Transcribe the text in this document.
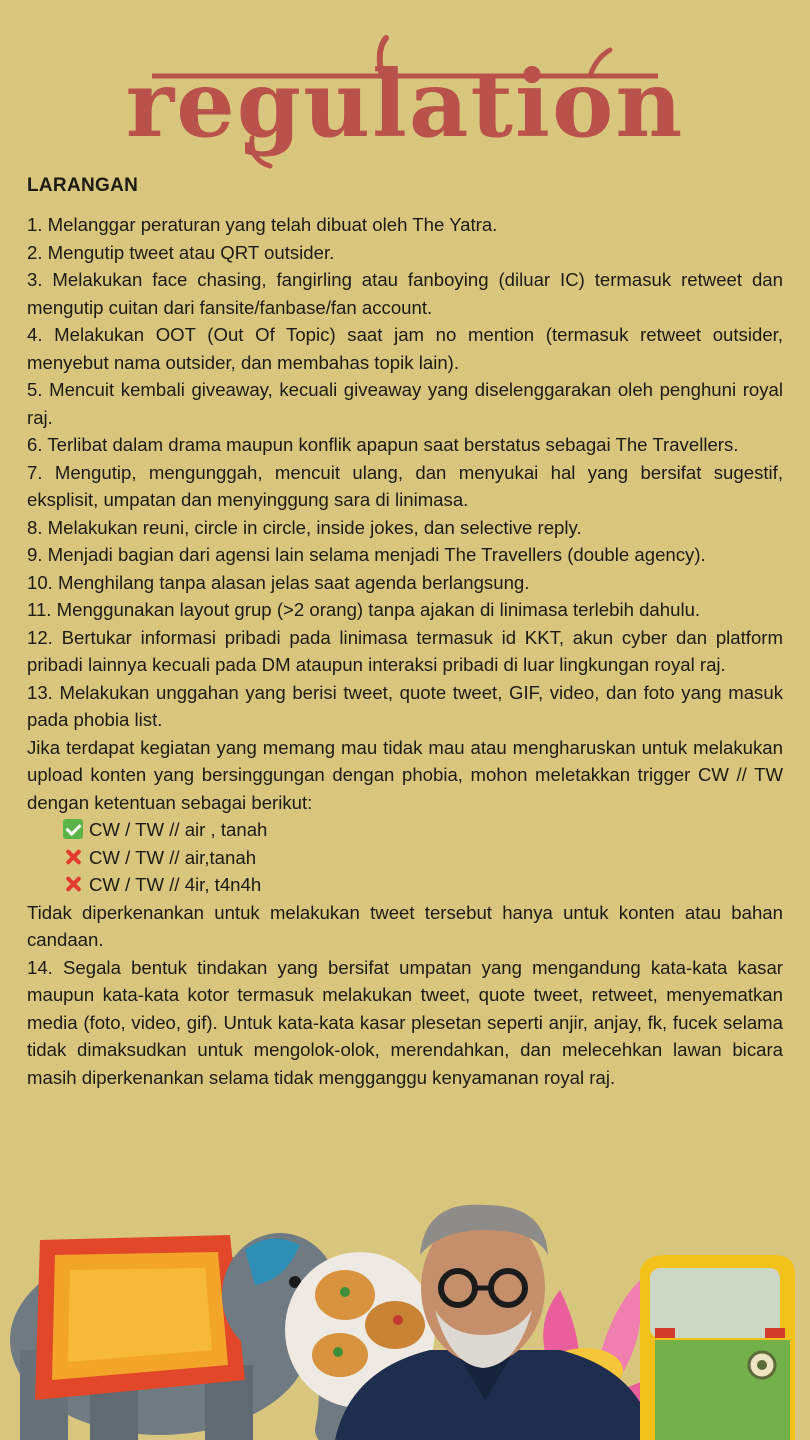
regulation
LARANGAN

1. Melanggar peraturan yang telah dibuat oleh The Yatra.

2. Mengutip tweet atau QRT outsider.

3. Melakukan face chasing, fangirling atau fanboying (diluar IC) termasuk retweet dan mengutip cuitan dari fansite/fanbase/fan account.

4. Melakukan OOT (Out Of Topic) saat jam no mention (termasuk retweet outsider, menyebut nama outsider, dan membahas topik lain).

5. Mencuit kembali giveaway, kecuali giveaway yang diselenggarakan oleh penghuni royal raj.

6. Terlibat dalam drama maupun konflik apapun saat berstatus sebagai The Travellers.

7. Mengutip, mengunggah, mencuit ulang, dan menyukai hal yang bersifat sugestif, eksplisit, umpatan dan menyinggung sara di linimasa.

8. Melakukan reuni, circle in circle, inside jokes, dan selective reply.

9. Menjadi bagian dari agensi lain selama menjadi The Travellers (double agency).

10. Menghilang tanpa alasan jelas saat agenda berlangsung.

11. Menggunakan layout grup (>2 orang) tanpa ajakan di linimasa terlebih dahulu.

12. Bertukar informasi pribadi pada linimasa termasuk id KKT, akun cyber dan platform pribadi lainnya kecuali pada DM ataupun interaksi pribadi di luar lingkungan royal raj.

13. Melakukan unggahan yang berisi tweet, quote tweet, GIF, video, dan foto yang masuk pada phobia list.

Jika terdapat kegiatan yang memang mau tidak mau atau mengharuskan untuk melakukan upload konten yang bersinggungan dengan phobia, mohon meletakkan trigger CW // TW dengan ketentuan sebagai berikut:

CW / TW // air , tanah

CW / TW // air,tanah

CW / TW // 4ir, t4n4h

Tidak diperkenankan untuk melakukan tweet tersebut hanya untuk konten atau bahan candaan.

14. Segala bentuk tindakan yang bersifat umpatan yang mengandung kata-kata kasar maupun kata-kata kotor termasuk melakukan tweet, quote tweet, retweet, menyematkan media (foto, video, gif). Untuk kata-kata kasar plesetan seperti anjir, anjay, fk, fucek selama tidak dimaksudkan untuk mengolok-olok, merendahkan, dan melecehkan lawan bicara masih diperkenankan selama tidak mengganggu kenyamanan royal raj.
